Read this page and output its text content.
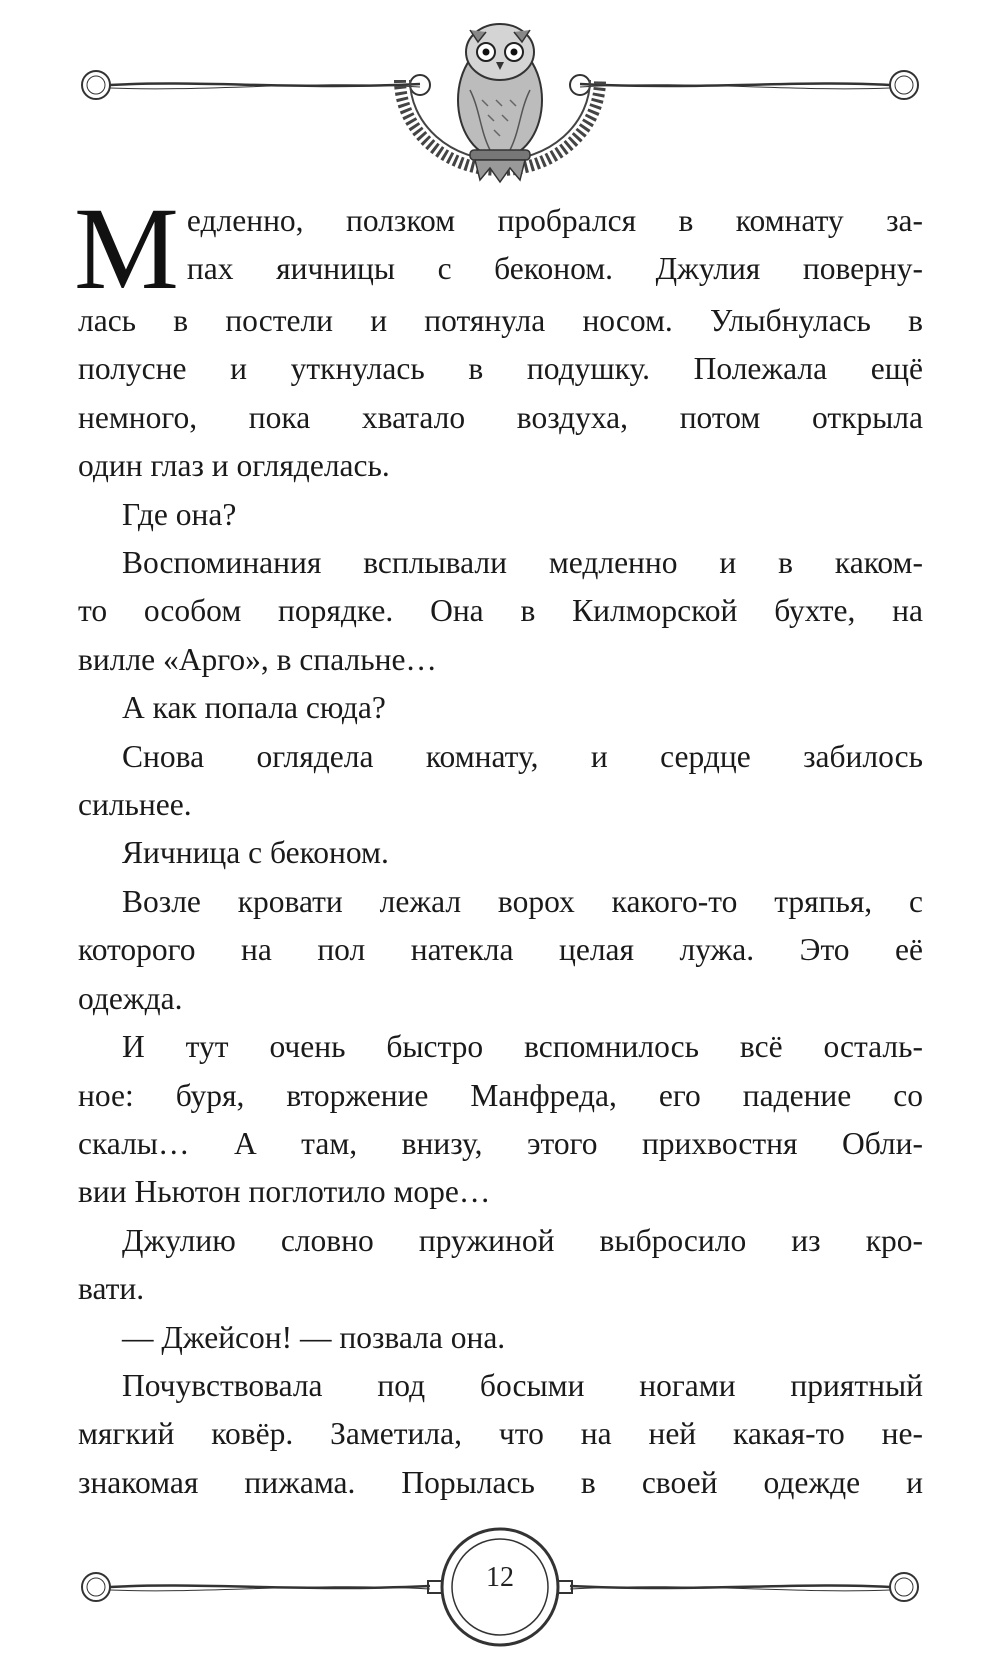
М едленно, ползком пробрался в комнату за-
пах яичницы с беконом. Джулия поверну-
лась в постели и потянула носом. Улыбнулась в
полусне и уткнулась в подушку. Полежала ещё
немного, пока хватало воздуха, потом открыла
один глаз и огляделась.

Где она?

Воспоминания всплывали медленно и в каком-
то особом порядке. Она в Килморской бухте, на
вилле «Арго», в спальне…

А как попала сюда?

Снова оглядела комнату, и сердце забилось
сильнее.

Яичница с беконом.

Возле кровати лежал ворох какого-то тряпья, с
которого на пол натекла целая лужа. Это её
одежда.

И тут очень быстро вспомнилось всё осталь-
ное: буря, вторжение Манфреда, его падение со
скалы… А там, внизу, этого прихвостня Обли-
вии Ньютон поглотило море…

Джулию словно пружиной выбросило из кро-
вати.

— Джейсон! — позвала она.

Почувствовала под босыми ногами приятный
мягкий ковёр. Заметила, что на ней какая-то не-
знакомая пижама. Порылась в своей одежде и

12
